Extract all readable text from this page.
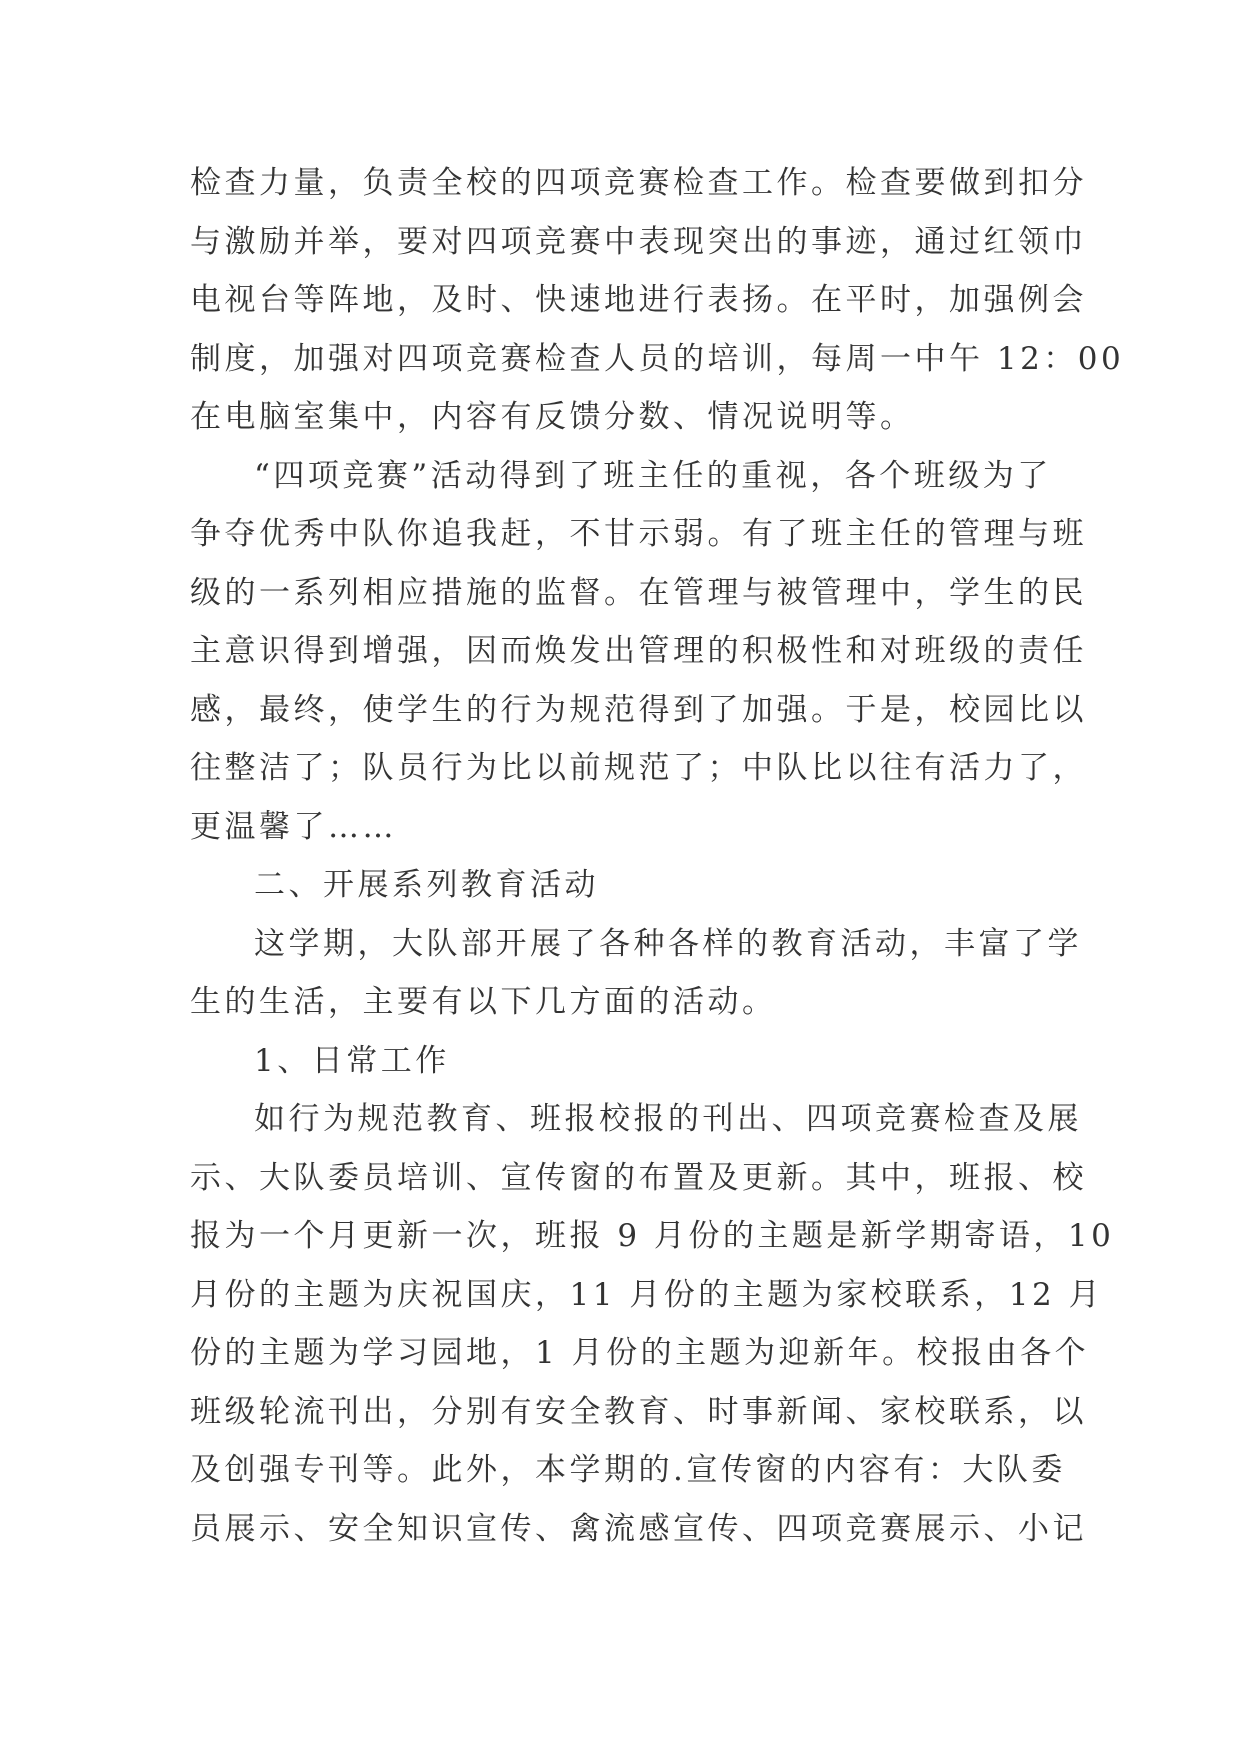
检查力量，负责全校的四项竞赛检查工作。检查要做到扣分
与激励并举，要对四项竞赛中表现突出的事迹，通过红领巾
电视台等阵地，及时、快速地进行表扬。在平时，加强例会
制度，加强对四项竞赛检查人员的培训，每周一中午 12：00
在电脑室集中，内容有反馈分数、情况说明等。
“四项竞赛”活动得到了班主任的重视，各个班级为了
争夺优秀中队你追我赶，不甘示弱。有了班主任的管理与班
级的一系列相应措施的监督。在管理与被管理中，学生的民
主意识得到增强，因而焕发出管理的积极性和对班级的责任
感，最终，使学生的行为规范得到了加强。于是，校园比以
往整洁了；队员行为比以前规范了；中队比以往有活力了，
更温馨了……
二、开展系列教育活动
这学期，大队部开展了各种各样的教育活动，丰富了学
生的生活，主要有以下几方面的活动。
1、日常工作
如行为规范教育、班报校报的刊出、四项竞赛检查及展
示、大队委员培训、宣传窗的布置及更新。其中，班报、校
报为一个月更新一次，班报 9 月份的主题是新学期寄语，10
月份的主题为庆祝国庆，11 月份的主题为家校联系，12 月
份的主题为学习园地，1 月份的主题为迎新年。校报由各个
班级轮流刊出，分别有安全教育、时事新闻、家校联系，以
及创强专刊等。此外，本学期的.宣传窗的内容有：大队委
员展示、安全知识宣传、禽流感宣传、四项竞赛展示、小记
